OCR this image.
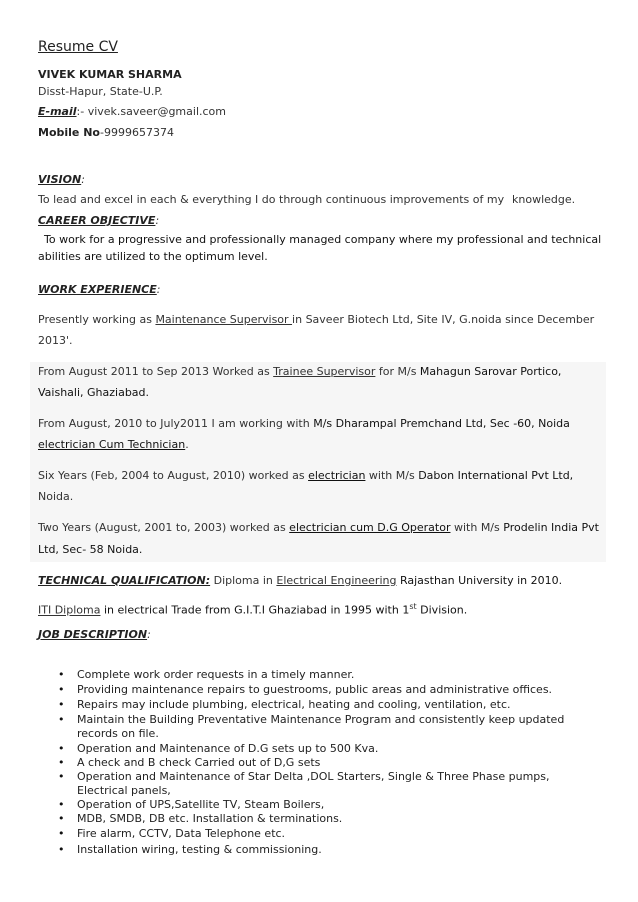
Resume CV
VIVEK KUMAR SHARMA
Disst-Hapur, State-U.P.
E-mail:- vivek.saveer@gmail.com
Mobile No-9999657374
VISION:
To lead and excel in each & everything I do through continuous improvements of my knowledge.
CAREER OBJECTIVE:
To work for a progressive and professionally managed company where my professional and technical
abilities are utilized to the optimum level.
WORK EXPERIENCE:
Presently working as Maintenance Supervisor in Saveer Biotech Ltd, Site IV, G.noida since December
2013'.
From August 2011 to Sep 2013 Worked as Trainee Supervisor for M/s Mahagun Sarovar Portico,
Vaishali, Ghaziabad.
From August, 2010 to July2011 I am working with M/s Dharampal Premchand Ltd, Sec -60, Noida
electrician Cum Technician.
Six Years (Feb, 2004 to August, 2010) worked as electrician with M/s Dabon International Pvt Ltd,
Noida.
Two Years (August, 2001 to, 2003) worked as electrician cum D.G Operator with M/s Prodelin India Pvt
Ltd, Sec- 58 Noida.
TECHNICAL QUALIFICATION: Diploma in Electrical Engineering Rajasthan University in 2010.
ITI Diploma in electrical Trade from G.I.T.I Ghaziabad in 1995 with 1st Division.
JOB DESCRIPTION:
• Complete work order requests in a timely manner.
• Providing maintenance repairs to guestrooms, public areas and administrative offices.
• Repairs may include plumbing, electrical, heating and cooling, ventilation, etc.
• Maintain the Building Preventative Maintenance Program and consistently keep updated records on file.
• Operation and Maintenance of D.G sets up to 500 Kva.
• A check and B check Carried out of D,G sets
• Operation and Maintenance of Star Delta ,DOL Starters, Single & Three Phase pumps, Electrical panels,
• Operation of UPS,Satellite TV, Steam Boilers,
• MDB, SMDB, DB etc. Installation & terminations.
• Fire alarm, CCTV, Data Telephone etc.
• Installation wiring, testing & commissioning.
